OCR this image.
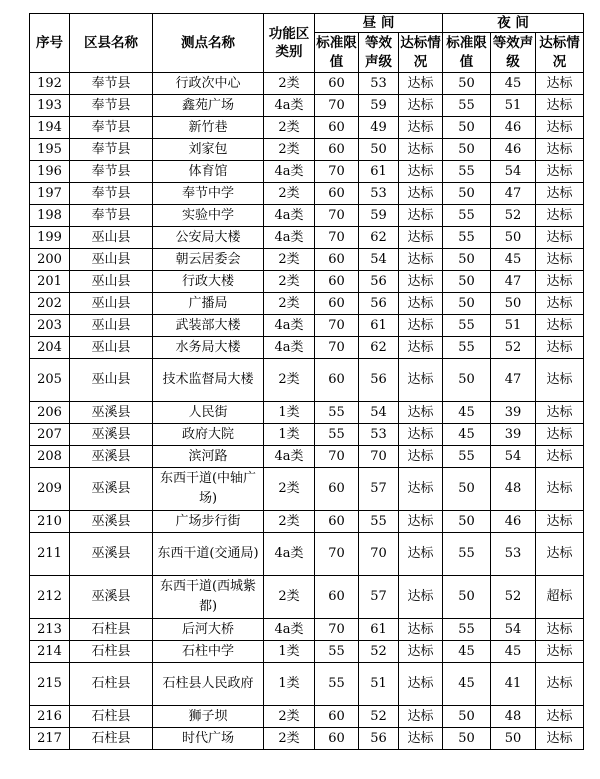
序号	区县名称	测点名称	功能区类别	昼 间			夜 间		
				标准限值	等效声级	达标情况	标准限值	等效声级	达标情况
192	奉节县	行政次中心	2类	60	53	达标	50	45	达标
193	奉节县	鑫苑广场	4a类	70	59	达标	55	51	达标
194	奉节县	新竹巷	2类	60	49	达标	50	46	达标
195	奉节县	刘家包	2类	60	50	达标	50	46	达标
196	奉节县	体育馆	4a类	70	61	达标	55	54	达标
197	奉节县	奉节中学	2类	60	53	达标	50	47	达标
198	奉节县	实验中学	4a类	70	59	达标	55	52	达标
199	巫山县	公安局大楼	4a类	70	62	达标	55	50	达标
200	巫山县	朝云居委会	2类	60	54	达标	50	45	达标
201	巫山县	行政大楼	2类	60	56	达标	50	47	达标
202	巫山县	广播局	2类	60	56	达标	50	50	达标
203	巫山县	武装部大楼	4a类	70	61	达标	55	51	达标
204	巫山县	水务局大楼	4a类	70	62	达标	55	52	达标
205	巫山县	技术监督局大楼	2类	60	56	达标	50	47	达标
206	巫溪县	人民街	1类	55	54	达标	45	39	达标
207	巫溪县	政府大院	1类	55	53	达标	45	39	达标
208	巫溪县	滨河路	4a类	70	70	达标	55	54	达标
209	巫溪县	东西干道(中轴广场)	2类	60	57	达标	50	48	达标
210	巫溪县	广场步行街	2类	60	55	达标	50	46	达标
211	巫溪县	东西干道(交通局)	4a类	70	70	达标	55	53	达标
212	巫溪县	东西干道(西城紫都)	2类	60	57	达标	50	52	超标
213	石柱县	后河大桥	4a类	70	61	达标	55	54	达标
214	石柱县	石柱中学	1类	55	52	达标	45	45	达标
215	石柱县	石柱县人民政府	1类	55	51	达标	45	41	达标
216	石柱县	狮子坝	2类	60	52	达标	50	48	达标
217	石柱县	时代广场	2类	60	56	达标	50	50	达标
